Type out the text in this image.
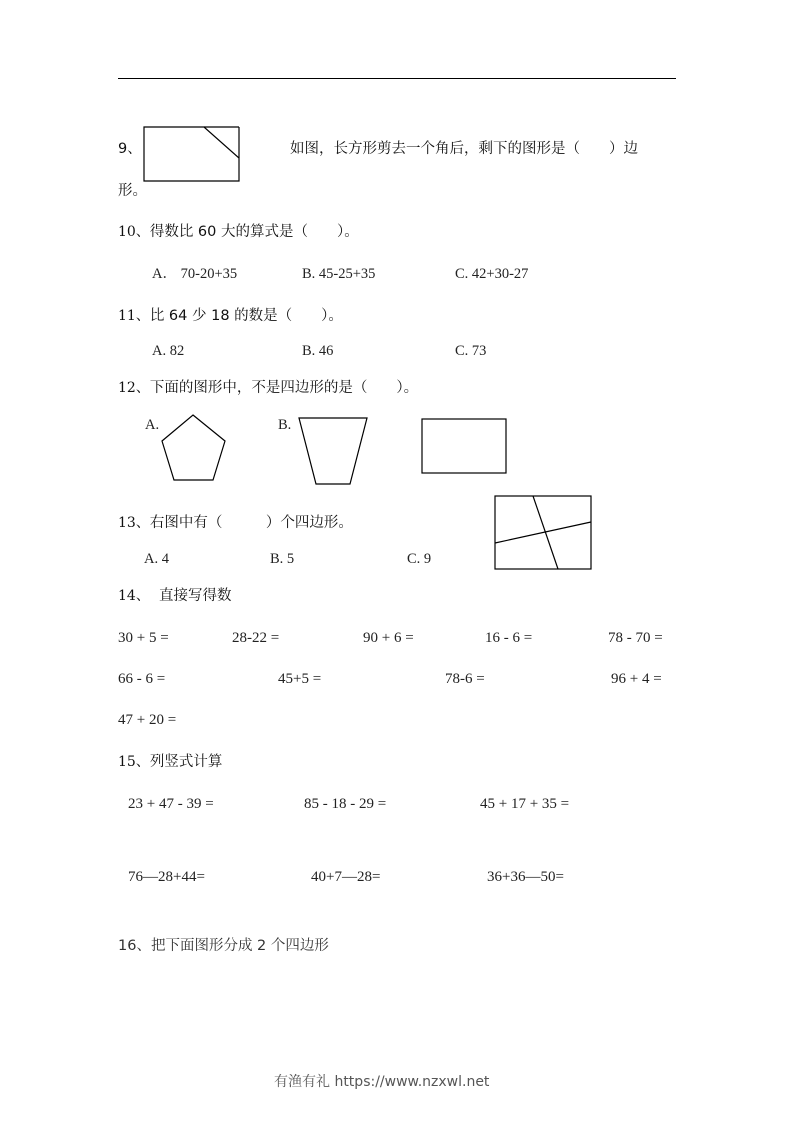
9、	如图，长方形剪去一个角后，剩下的图形是（　　）边
形。
10、得数比 60 大的算式是（　　）。
A． 70-20+35	B. 45-25+35	C. 42+30-27
11、比 64 少 18 的数是（　　）。
A. 82	B. 46	C. 73
12、下面的图形中，不是四边形的是（　　）。
A.	B.
13、右图中有（　　　）个四边形。
A. 4	B. 5	C. 9
14、 直接写得数
30 + 5 =	28-22 =	90 + 6 =	16 - 6 =	78 - 70 =
66 - 6 =	45+5 =	78-6 =	96 + 4 =
47 + 20 =
15、列竖式计算
23 + 47 - 39 =	85 - 18 - 29 =	45 + 17 + 35 =
76—28+44=	40+7—28=	36+36—50=
16、把下面图形分成 2 个四边形
有渔有礼 https://www.nzxwl.net
